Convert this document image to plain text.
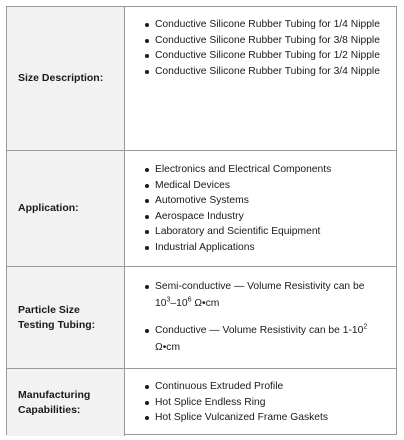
Size Description:
Conductive Silicone Rubber Tubing for 1/4 Nipple
Conductive Silicone Rubber Tubing for 3/8 Nipple
Conductive Silicone Rubber Tubing for 1/2 Nipple
Conductive Silicone Rubber Tubing for 3/4 Nipple
Application:
Electronics and Electrical Components
Medical Devices
Automotive Systems
Aerospace Industry
Laboratory and Scientific Equipment
Industrial Applications
Particle Size Testing Tubing:
Semi-conductive — Volume Resistivity can be $10^3-10^6$ Ω•cm
Conductive — Volume Resistivity can be $1-10^2$ Ω•cm
Manufacturing Capabilities:
Continuous Extruded Profile
Hot Splice Endless Ring
Hot Splice Vulcanized Frame Gaskets
